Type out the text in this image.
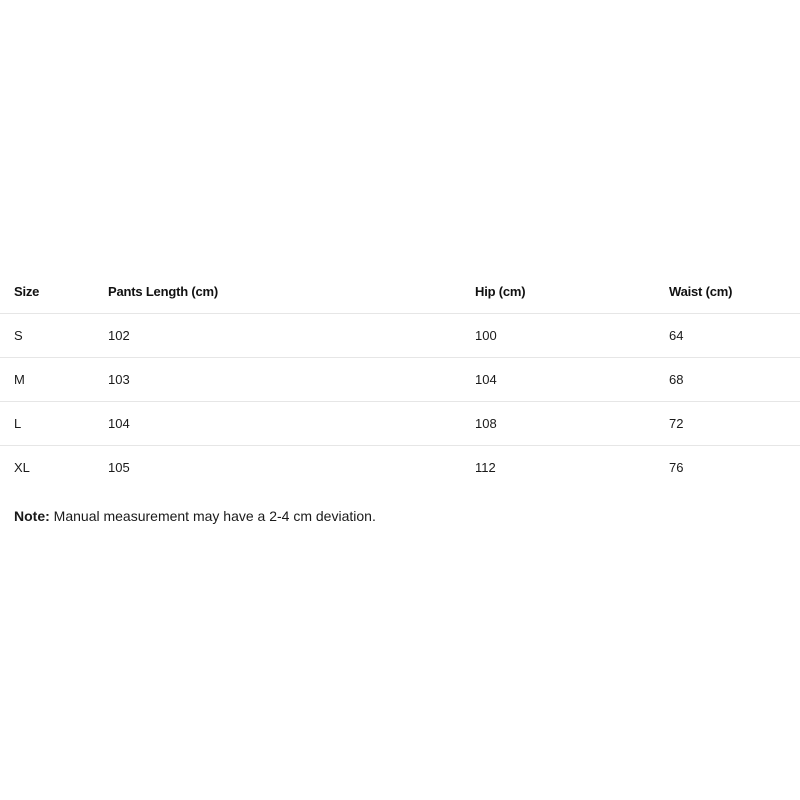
Size	Pants Length (cm)	Hip (cm)	Waist (cm)
S	102	100	64
M	103	104	68
L	104	108	72
XL	105	112	76
Note: Manual measurement may have a 2-4 cm deviation.
